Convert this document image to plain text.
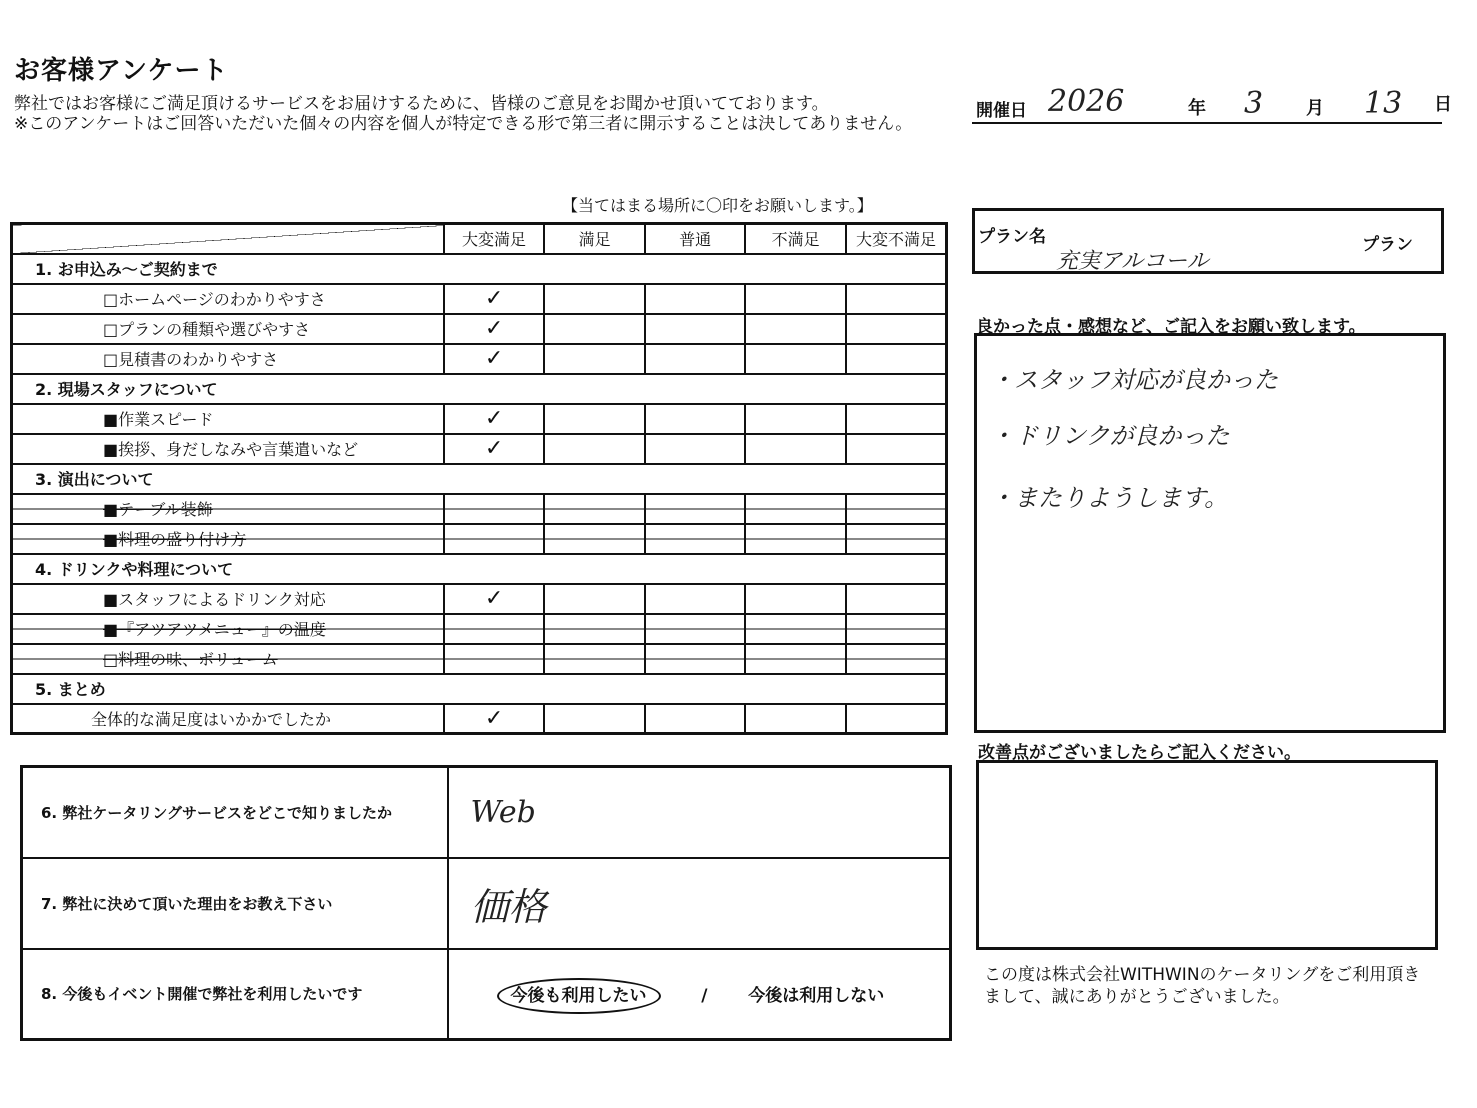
お客様アンケート
弊社ではお客様にご満足頂けるサービスをお届けするために、皆様のご意見をお聞かせ頂いてております。
※このアンケートはご回答いただいた個々の内容を個人が特定できる形で第三者に開示することは決してありません。
開催日 2026	年 3 月 13 日
【当てはまる場所に〇印をお願いします。】
	大変満足	満足	普通	不満足	大変不満足
1. お申込み～ご契約まで					
□ホームページのわかりやすさ	✓				
□プランの種類や選びやすさ	✓				
□見積書のわかりやすさ	✓				
2. 現場スタッフについて					
■作業スピード	✓				
■挨拶、身だしなみや言葉遣いなど	✓				
3. 演出について					
■テーブル装飾					
■料理の盛り付け方					
4. ドリンクや料理について					
■スタッフによるドリンク対応	✓				
■『アツアツメニュー』の温度					
□料理の味、ボリューム					
5. まとめ					
全体的な満足度はいかかでしたか	✓				
6. 弊社ケータリングサービスをどこで知りましたか	Web
7. 弊社に決めて頂いた理由をお教え下さい	価格
8. 今後もイベント開催で弊社を利用したいです	今後も利用したい / 今後は利用しない
プラン名
充実アルコール
プラン
良かった点・感想など、ご記入をお願い致します。
・スタッフ対応が良かった
・ドリンクが良かった
・またりようします。
改善点がございましたらご記入ください。
この度は株式会社WITHWINのケータリングをご利用頂きまして、誠にありがとうございました。
